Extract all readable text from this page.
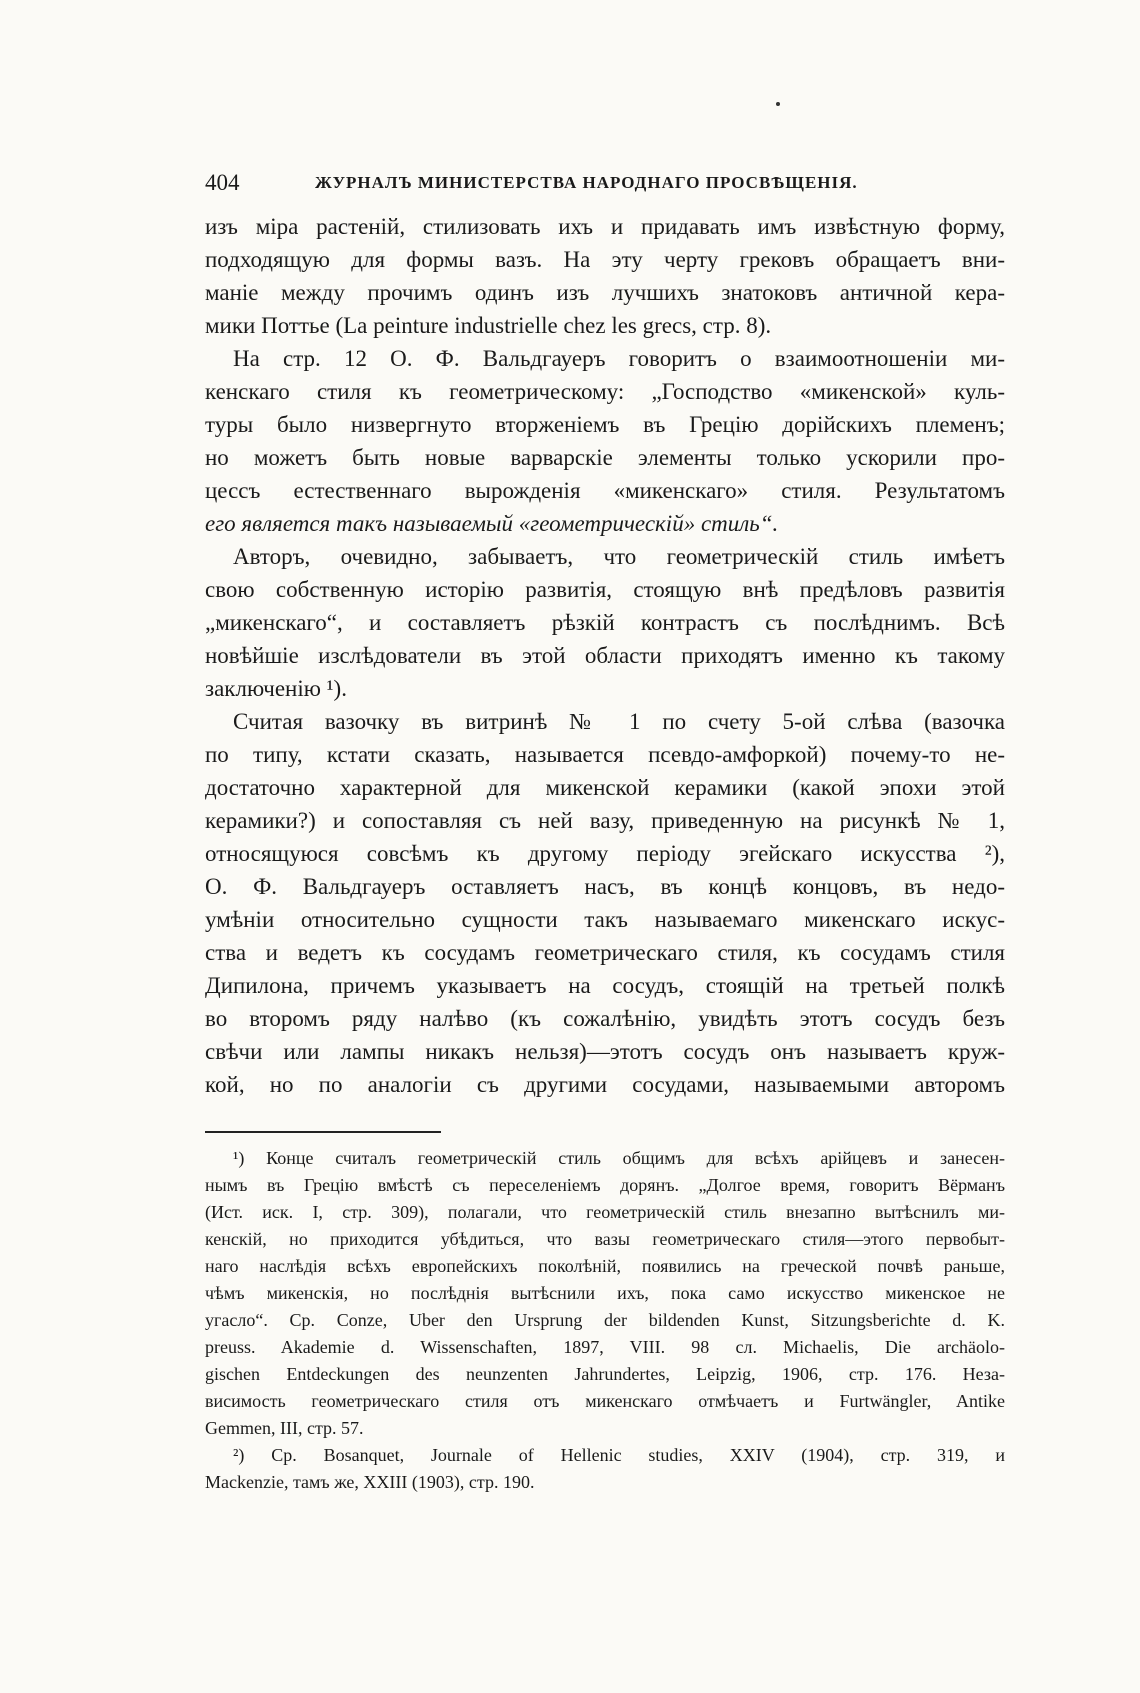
404	ЖУРНАЛЪ МИНИСТЕРСТВА НАРОДНАГО ПРОСВѢЩЕНІЯ.

изъ міра растеній, стилизовать ихъ и придавать имъ извѣстную форму,
подходящую для формы вазъ. На эту черту грековъ обращаетъ вни-
маніе между прочимъ одинъ изъ лучшихъ знатоковъ античной кера-
мики Поттье (La peinture industrielle chez les grecs, стр. 8).

На стр. 12 О. Ф. Вальдгауеръ говоритъ о взаимоотношеніи ми-
кенскаго стиля къ геометрическому: „Господство «микенской» куль-
туры было низвергнуто вторженіемъ въ Грецію дорійскихъ племенъ;
но можетъ быть новые варварскіе элементы только ускорили про-
цессъ естественнаго вырожденія «микенскаго» стиля. Результатомъ
его является такъ называемый «геометрическій» стиль“.

Авторъ, очевидно, забываетъ, что геометрическій стиль имѣетъ
свою собственную исторію развитія, стоящую внѣ предѣловъ развитія
„микенскаго“, и составляетъ рѣзкій контрастъ съ послѣднимъ. Всѣ
новѣйшіе изслѣдователи въ этой области приходятъ именно къ такому
заключенію ¹).

Считая вазочку въ витринѣ № 1 по счету 5-ой слѣва (вазочка
по типу, кстати сказать, называется псевдо-амфоркой) почему-то не-
достаточно характерной для микенской керамики (какой эпохи этой
керамики?) и сопоставляя съ ней вазу, приведенную на рисункѣ № 1,
относящуюся совсѣмъ къ другому періоду эгейскаго искусства ²),
О. Ф. Вальдгауеръ оставляетъ насъ, въ концѣ концовъ, въ недо-
умѣніи относительно сущности такъ называемаго микенскаго искус-
ства и ведетъ къ сосудамъ геометрическаго стиля, къ сосудамъ стиля
Дипилона, причемъ указываетъ на сосудъ, стоящій на третьей полкѣ
во второмъ ряду налѣво (къ сожалѣнію, увидѣть этотъ сосудъ безъ
свѣчи или лампы никакъ нельзя)—этотъ сосудъ онъ называетъ круж-
кой, но по аналогіи съ другими сосудами, называемыми авторомъ

¹) Конце считалъ геометрическій стиль общимъ для всѣхъ арійцевъ и занесен-
нымъ въ Грецію вмѣстѣ съ переселеніемъ дорянъ. „Долгое время, говоритъ Вёрманъ
(Ист. иск. I, стр. 309), полагали, что геометрическій стиль внезапно вытѣснилъ ми-
кенскій, но приходится убѣдиться, что вазы геометрическаго стиля—этого первобыт-
наго наслѣдія всѣхъ европейскихъ поколѣній, появились на греческой почвѣ раньше,
чѣмъ микенскія, но послѣднія вытѣснили ихъ, пока само искусство микенское не
угасло“. Ср. Conze, Uber den Ursprung der bildenden Kunst, Sitzungsberichte d. K.
preuss. Akademie d. Wissenschaften, 1897, VIII. 98 сл. Michaelis, Die archäolo-
gischen Entdeckungen des neunzenten Jahrundertes, Leipzig, 1906, стр. 176. Неза-
висимость геометрическаго стиля отъ микенскаго отмѣчаетъ и Furtwängler, Antike
Gemmen, III, стр. 57.

²) Ср. Bosanquet, Journale of Hellenic studies, XXIV (1904), стр. 319, и
Mackenzie, тамъ же, XXIII (1903), стр. 190.
